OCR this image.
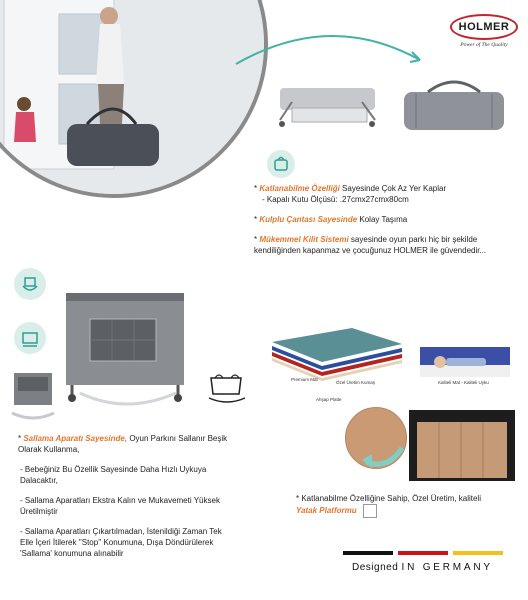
HOLMER
Power of The Quality
* Katlanabilme Özelliği Sayesinde Çok Az Yer Kaplar
- Kapalı Kutu Ölçüsü: .27cmx27cmx80cm
* Kulplu Çantası Sayesinde Kolay Taşıma
* Mükemmel Kilit Sistemi sayesinde oyun parkı hiç bir şekilde kendiliğinden kapanmaz ve çocuğunuz HOLMER ile güvendedir...
* Sallama Aparatı Sayesinde, Oyun Parkını Sallanır Beşik Olarak Kullanma,
- Bebeğiniz Bu Özellik Sayesinde Daha Hızlı Uykuya Dalacaktır,
- Sallama Aparatları Ekstra Kalın ve Mukavemeti Yüksek Üretilmiştir
- Sallama Aparatları Çıkartılmadan, İstenildiği Zaman Tek Elle İçeri İtilerek ''Stop'' Konumuna, Dışa Döndürülerek 'Sallama' konumuna alınabilir
Premium Mat
Özel Üretim Kumaş
Ahşap Platte
Kaliteli Mat - Kaliteli Uyku
* Katlanabilme Özelliğine Sahip, Özel Üretim, kaliteli
Yatak Platformu
Designed IN GERMANY
